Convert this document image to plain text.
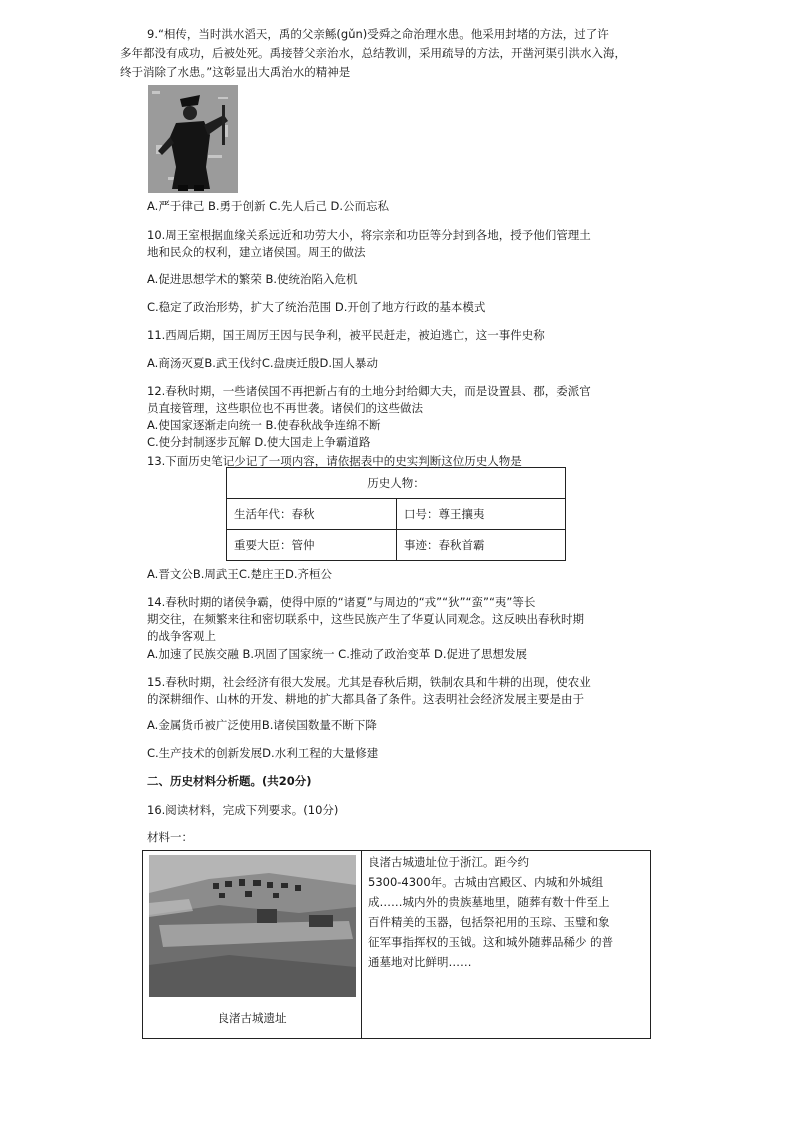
9.“相传，当时洪水滔天，禹的父亲鲧(gǔn)受舜之命治理水患。他采用封堵的方法，过了许
多年都没有成功，后被处死。禹接替父亲治水，总结教训，采用疏导的方法，开凿河渠引洪水入海，
终于消除了水患。”这彰显出大禹治水的精神是
A.严于律己 B.勇于创新 C.先人后己 D.公而忘私
10.周王室根据血缘关系远近和功劳大小，将宗亲和功臣等分封到各地，授予他们管理土
地和民众的权利，建立诸侯国。周王的做法
A.促进思想学术的繁荣 B.使统治陷入危机
C.稳定了政治形势，扩大了统治范围 D.开创了地方行政的基本模式
11.西周后期，国王周厉王因与民争利，被平民赶走，被迫逃亡，这一事件史称
A.商汤灭夏B.武王伐纣C.盘庚迁殷D.国人暴动
12.春秋时期，一些诸侯国不再把新占有的土地分封给卿大夫，而是设置县、郡，委派官
员直接管理，这些职位也不再世袭。诸侯们的这些做法
A.使国家逐渐走向统一 B.使春秋战争连绵不断
C.使分封制逐步瓦解 D.使大国走上争霸道路
13.下面历史笔记少记了一项内容，请依据表中的史实判断这位历史人物是
历史人物：
生活年代：春秋	口号：尊王攘夷
重要大臣：管仲	事迹：春秋首霸
A.晋文公B.周武王C.楚庄王D.齐桓公
14.春秋时期的诸侯争霸，使得中原的“诸夏”与周边的“戎”“狄”“蛮”“夷”等长
期交往，在频繁来往和密切联系中，这些民族产生了华夏认同观念。这反映出春秋时期
的战争客观上
A.加速了民族交融 B.巩固了国家统一 C.推动了政治变革 D.促进了思想发展
15.春秋时期，社会经济有很大发展。尤其是春秋后期，铁制农具和牛耕的出现，使农业
的深耕细作、山林的开发、耕地的扩大都具备了条件。这表明社会经济发展主要是由于
A.金属货币被广泛使用B.诸侯国数量不断下降
C.生产技术的创新发展D.水利工程的大量修建
二、历史材料分析题。(共20分)
16.阅读材料，完成下列要求。(10分)
材料一：
良渚古城遗址
良渚古城遗址位于浙江。距今约
5300-4300年。古城由宫殿区、内城和外城组
成……城内外的贵族墓地里，随葬有数十件至上
百件精美的玉器，包括祭祀用的玉琮、玉璧和象
征军事指挥权的玉钺。这和城外随葬品稀少 的普
通墓地对比鲜明……
